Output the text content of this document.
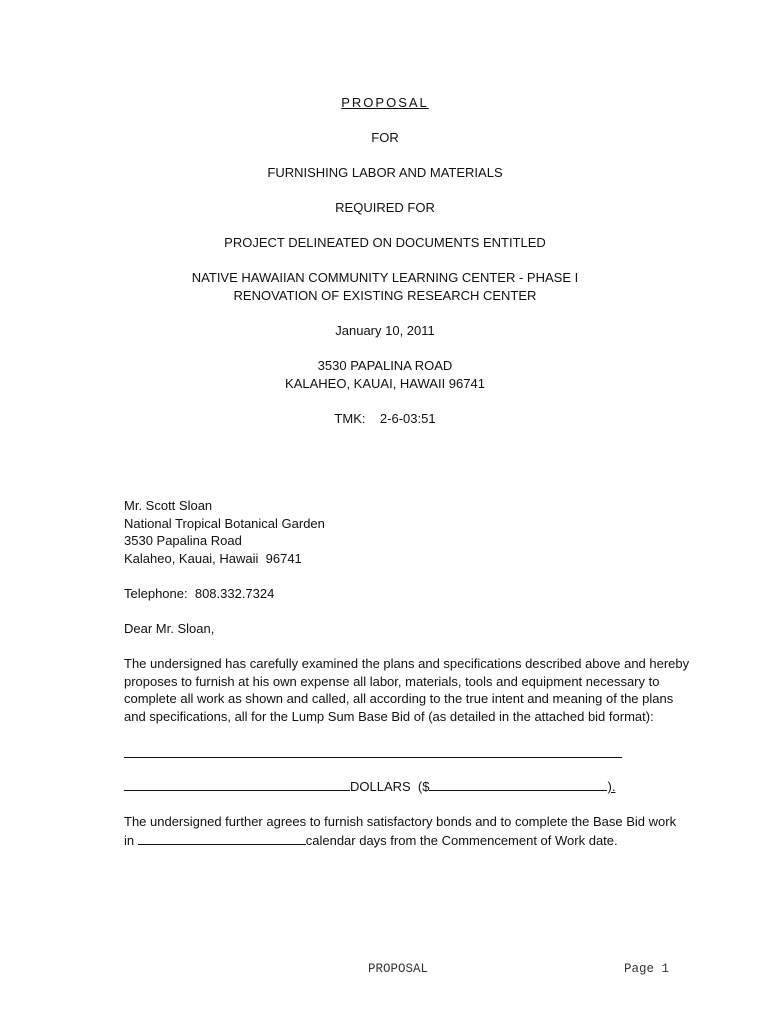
PROPOSAL
FOR
FURNISHING LABOR AND MATERIALS
REQUIRED FOR
PROJECT DELINEATED ON DOCUMENTS ENTITLED
NATIVE HAWAIIAN COMMUNITY LEARNING CENTER - PHASE I
RENOVATION OF EXISTING RESEARCH CENTER
January 10, 2011
3530 PAPALINA ROAD
KALAHEO, KAUAI, HAWAII 96741
TMK:    2-6-03:51
Mr. Scott Sloan
National Tropical Botanical Garden
3530 Papalina Road
Kalaheo, Kauai, Hawaii  96741
Telephone:  808.332.7324
Dear Mr. Sloan,
The undersigned has carefully examined the plans and specifications described above and hereby
proposes to furnish at his own expense all labor, materials, tools and equipment necessary to
complete all work as shown and called, all according to the true intent and meaning of the plans
and specifications, all for the Lump Sum Base Bid of (as detailed in the attached bid format):
DOLLARS  ($	).
The undersigned further agrees to furnish satisfactory bonds and to complete the Base Bid work
in	calendar days from the Commencement of Work date.
PROPOSAL	Page 1
